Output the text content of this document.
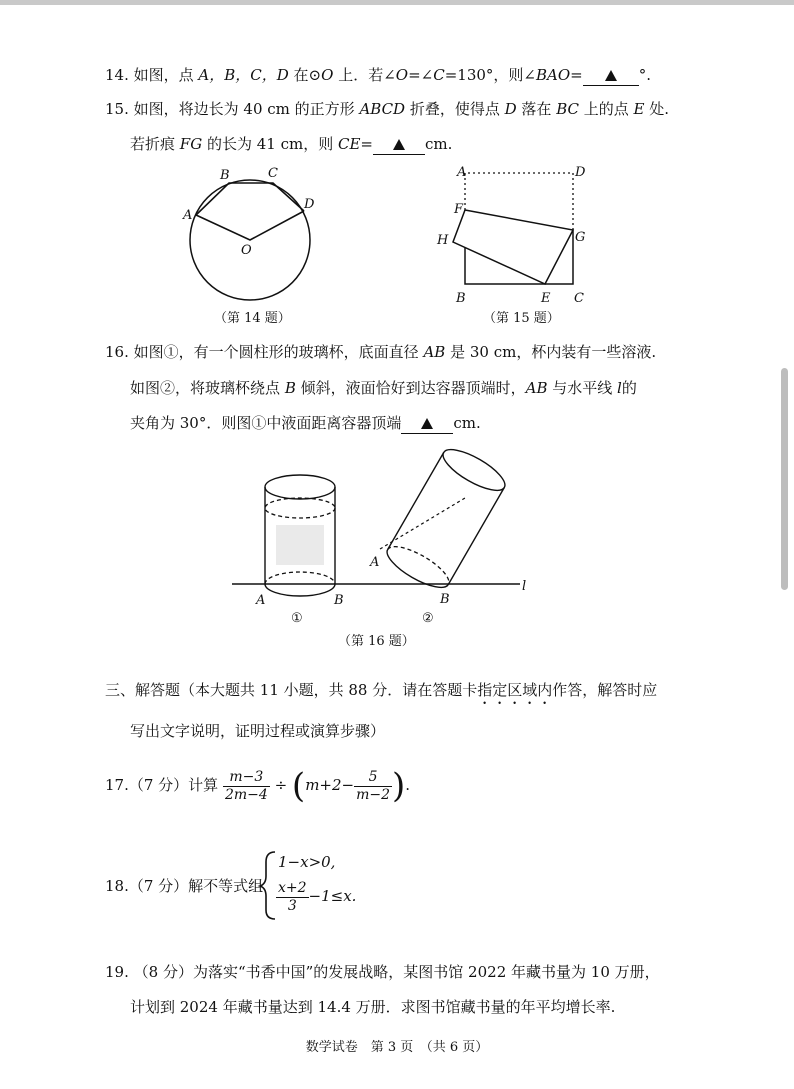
14. 如图，点 A，B，C，D 在⊙O 上．若∠O=∠C=130°，则∠BAO=	°.
15. 如图，将边长为 40 cm 的正方形 ABCD 折叠，使得点 D 落在 BC 上的点 E 处.
若折痕 FG 的长为 41 cm，则 CE=	cm.
B	C
A
D
O
（第 14 题）
A	D
F
G
H
B	E C
（第 15 题）
16. 如图①，有一个圆柱形的玻璃杯，底面直径 AB 是 30 cm，杯内装有一些溶液.
如图②，将玻璃杯绕点 B 倾斜，液面恰好到达容器顶端时，AB 与水平线 l的
夹角为 30°．则图①中液面距离容器顶端	cm.
A	B
A
B
l
①	②
（第 16 题）
三、解答题（本大题共 11 小题，共 88 分．请在答题卡指定区域内作答，解答时应
写出文字说明，证明过程或演算步骤）
17.（7 分）计算 $\frac{m-3}{2m-4} \div (m+2- \frac{5}{m-2}$ ).
18.（7 分）解不等式组
1−x>0,
$\frac{x+2}{3} -1\le x$.
19. （8 分）为落实“书香中国”的发展战略，某图书馆 2022 年藏书量为 10 万册，
计划到 2024 年藏书量达到 14.4 万册．求图书馆藏书量的年平均增长率.
数学试卷　第 3 页　（共 6 页）
